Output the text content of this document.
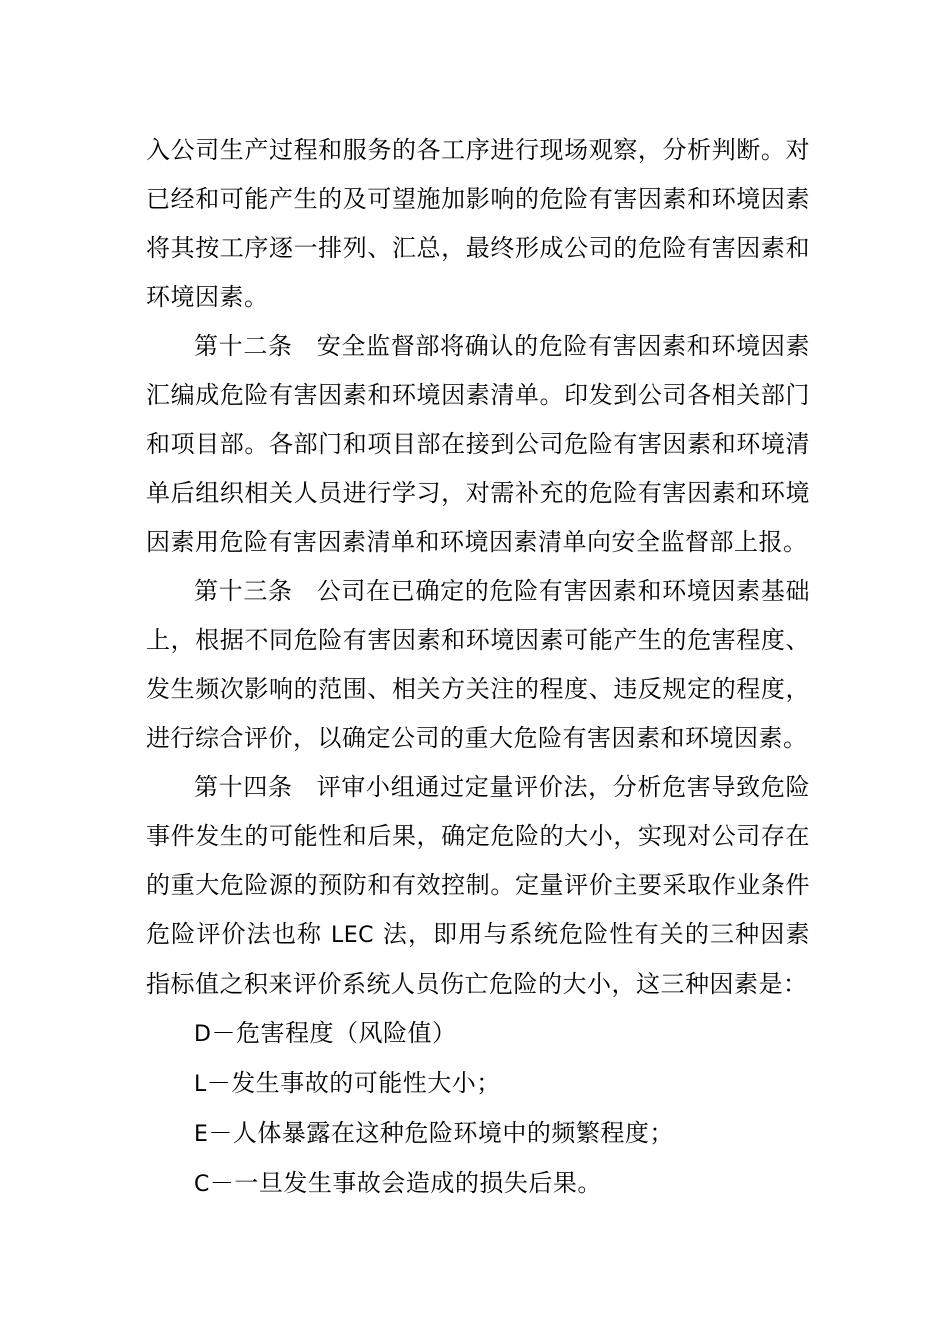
入公司生产过程和服务的各工序进行现场观察，分析判断。对已经和可能产生的及可望施加影响的危险有害因素和环境因素将其按工序逐一排列、汇总，最终形成公司的危险有害因素和环境因素。

第十二条 安全监督部将确认的危险有害因素和环境因素汇编成危险有害因素和环境因素清单。印发到公司各相关部门和项目部。各部门和项目部在接到公司危险有害因素和环境清单后组织相关人员进行学习，对需补充的危险有害因素和环境因素用危险有害因素清单和环境因素清单向安全监督部上报。

第十三条 公司在已确定的危险有害因素和环境因素基础上，根据不同危险有害因素和环境因素可能产生的危害程度、发生频次影响的范围、相关方关注的程度、违反规定的程度，进行综合评价，以确定公司的重大危险有害因素和环境因素。

第十四条 评审小组通过定量评价法，分析危害导致危险事件发生的可能性和后果，确定危险的大小，实现对公司存在的重大危险源的预防和有效控制。定量评价主要采取作业条件危险评价法也称 LEC 法，即用与系统危险性有关的三种因素指标值之积来评价系统人员伤亡危险的大小，这三种因素是：

D－危害程度（风险值）

L－发生事故的可能性大小；

E－人体暴露在这种危险环境中的频繁程度；

C－一旦发生事故会造成的损失后果。
